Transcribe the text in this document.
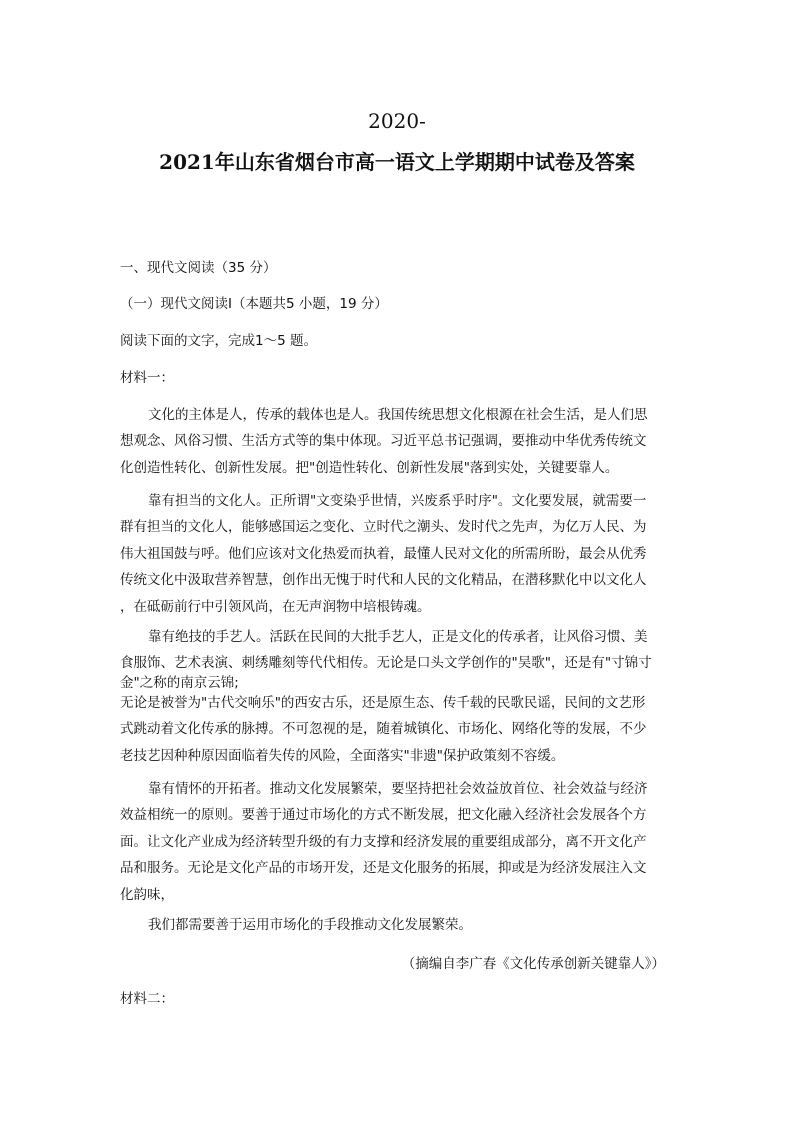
2020-
2021年山东省烟台市高一语文上学期期中试卷及答案
一、现代文阅读（35 分）
（一）现代文阅读Ⅰ（本题共5 小题，19 分）
阅读下面的文字，完成1～5 题。
材料一：
文化的主体是人，传承的载体也是人。我国传统思想文化根源在社会生活，是人们思
想观念、风俗习惯、生活方式等的集中体现。习近平总书记强调，要推动中华优秀传统文
化创造性转化、创新性发展。把"创造性转化、创新性发展"落到实处，关键要靠人。
靠有担当的文化人。正所谓"文变染乎世情，兴废系乎时序"。文化要发展，就需要一
群有担当的文化人，能够感国运之变化、立时代之潮头、发时代之先声，为亿万人民、为
伟大祖国鼓与呼。他们应该对文化热爱而执着，最懂人民对文化的所需所盼，最会从优秀
传统文化中汲取营养智慧，创作出无愧于时代和人民的文化精品，在潜移默化中以文化人
，在砥砺前行中引领风尚，在无声润物中培根铸魂。
靠有绝技的手艺人。活跃在民间的大批手艺人，正是文化的传承者，让风俗习惯、美
食服饰、艺术表演、刺绣雕刻等代代相传。无论是口头文学创作的"吴歌"，还是有"寸锦寸
金"之称的南京云锦;
无论是被誉为"古代交响乐"的西安古乐，还是原生态、传千载的民歌民谣，民间的文艺形
式跳动着文化传承的脉搏。不可忽视的是，随着城镇化、市场化、网络化等的发展，不少
老技艺因种种原因面临着失传的风险，全面落实"非遗"保护政策刻不容缓。
靠有情怀的开拓者。推动文化发展繁荣，要坚持把社会效益放首位、社会效益与经济
效益相统一的原则。要善于通过市场化的方式不断发展，把文化融入经济社会发展各个方
面。让文化产业成为经济转型升级的有力支撑和经济发展的重要组成部分，离不开文化产
品和服务。无论是文化产品的市场开发，还是文化服务的拓展，抑或是为经济发展注入文
化韵味，
我们都需要善于运用市场化的手段推动文化发展繁荣。
（摘编自李广春《文化传承创新关键靠人》）
材料二：
